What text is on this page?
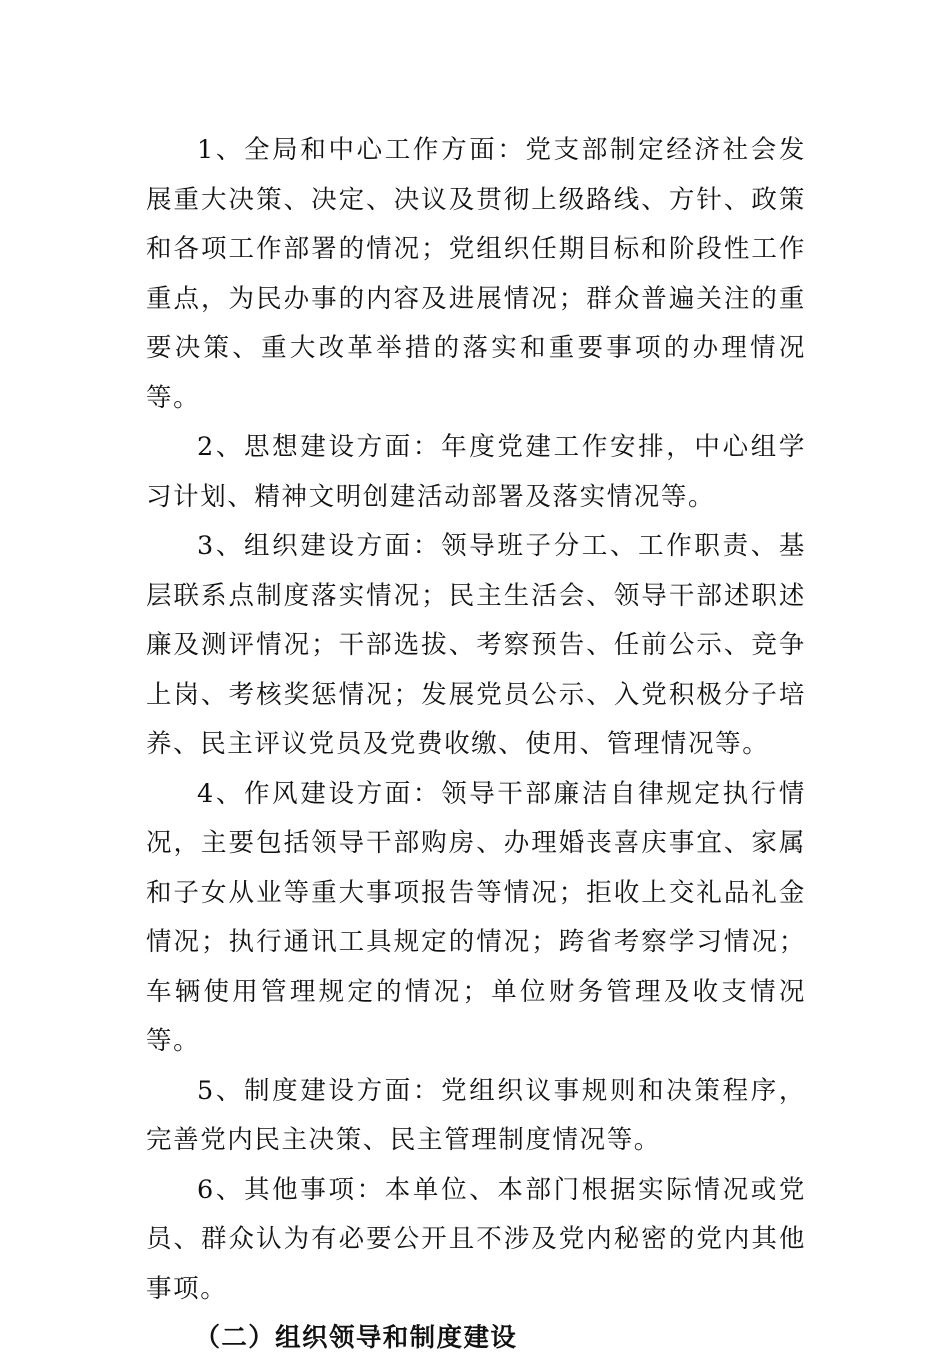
1、全局和中心工作方面：党支部制定经济社会发展重大决策、决定、决议及贯彻上级路线、方针、政策和各项工作部署的情况；党组织任期目标和阶段性工作重点，为民办事的内容及进展情况；群众普遍关注的重要决策、重大改革举措的落实和重要事项的办理情况等。

2、思想建设方面：年度党建工作安排，中心组学习计划、精神文明创建活动部署及落实情况等。

3、组织建设方面：领导班子分工、工作职责、基层联系点制度落实情况；民主生活会、领导干部述职述廉及测评情况；干部选拔、考察预告、任前公示、竞争上岗、考核奖惩情况；发展党员公示、入党积极分子培养、民主评议党员及党费收缴、使用、管理情况等。

4、作风建设方面：领导干部廉洁自律规定执行情况，主要包括领导干部购房、办理婚丧喜庆事宜、家属和子女从业等重大事项报告等情况；拒收上交礼品礼金情况；执行通讯工具规定的情况；跨省考察学习情况；车辆使用管理规定的情况；单位财务管理及收支情况等。

5、制度建设方面：党组织议事规则和决策程序，完善党内民主决策、民主管理制度情况等。

6、其他事项：本单位、本部门根据实际情况或党员、群众认为有必要公开且不涉及党内秘密的党内其他事项。

（二）组织领导和制度建设
